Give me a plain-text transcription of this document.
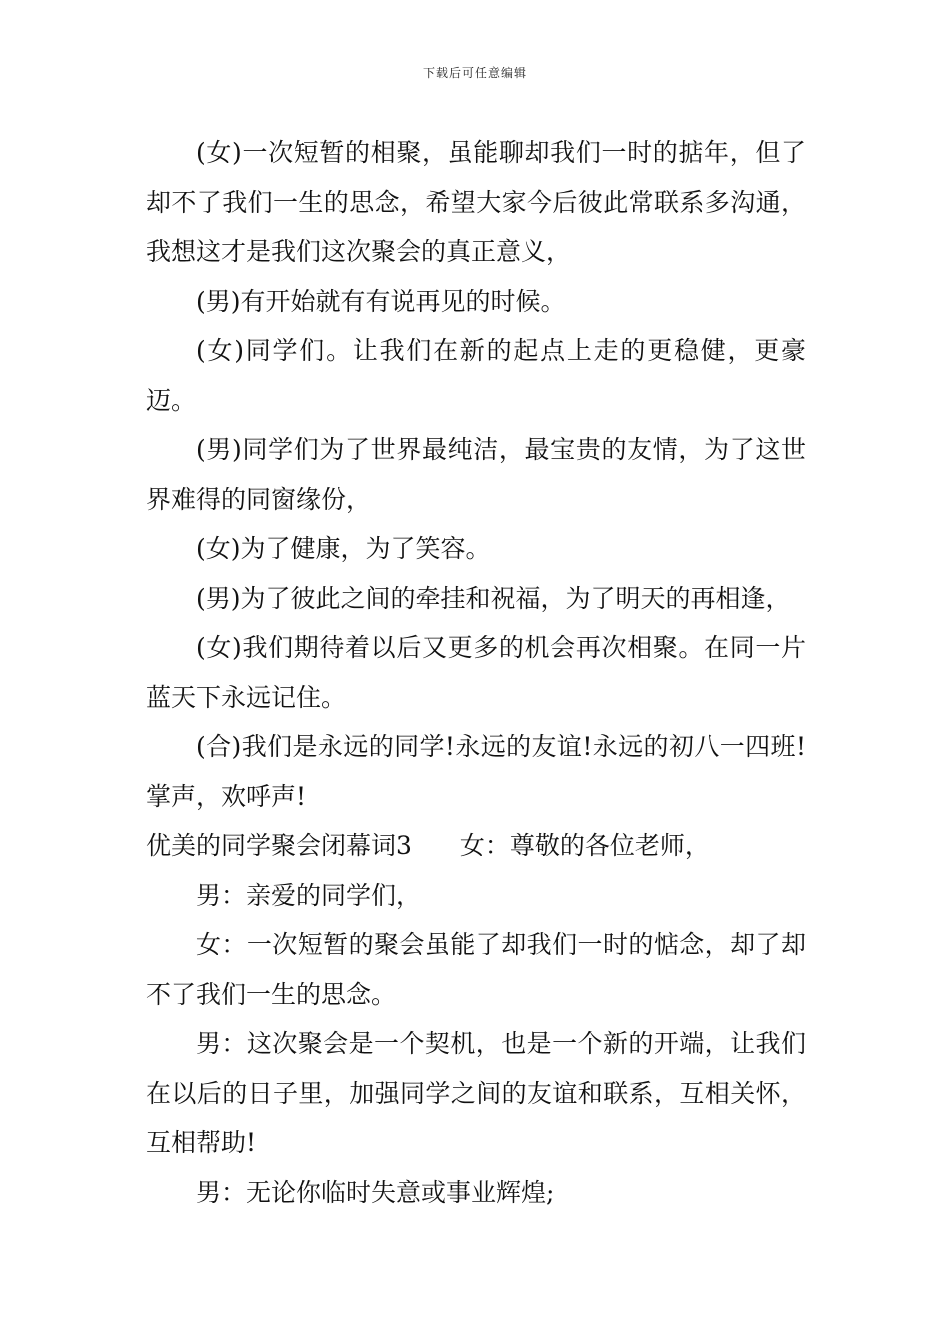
下载后可任意编辑

(女)一次短暂的相聚，虽能聊却我们一时的掂年，但了却不了我们一生的思念，希望大家今后彼此常联系多沟通，我想这才是我们这次聚会的真正意义，

(男)有开始就有有说再见的时候。

(女)同学们。让我们在新的起点上走的更稳健，更豪迈。

(男)同学们为了世界最纯洁，最宝贵的友情，为了这世界难得的同窗缘份，

(女)为了健康，为了笑容。

(男)为了彼此之间的牵挂和祝福，为了明天的再相逢，

(女)我们期待着以后又更多的机会再次相聚。在同一片蓝天下永远记住。

(合)我们是永远的同学!永远的友谊!永远的初八一四班!掌声，欢呼声!

优美的同学聚会闭幕词3 女：尊敬的各位老师，

男：亲爱的同学们，

女：一次短暂的聚会虽能了却我们一时的惦念，却了却不了我们一生的思念。

男：这次聚会是一个契机，也是一个新的开端，让我们在以后的日子里，加强同学之间的友谊和联系，互相关怀，互相帮助!

男：无论你临时失意或事业辉煌;
